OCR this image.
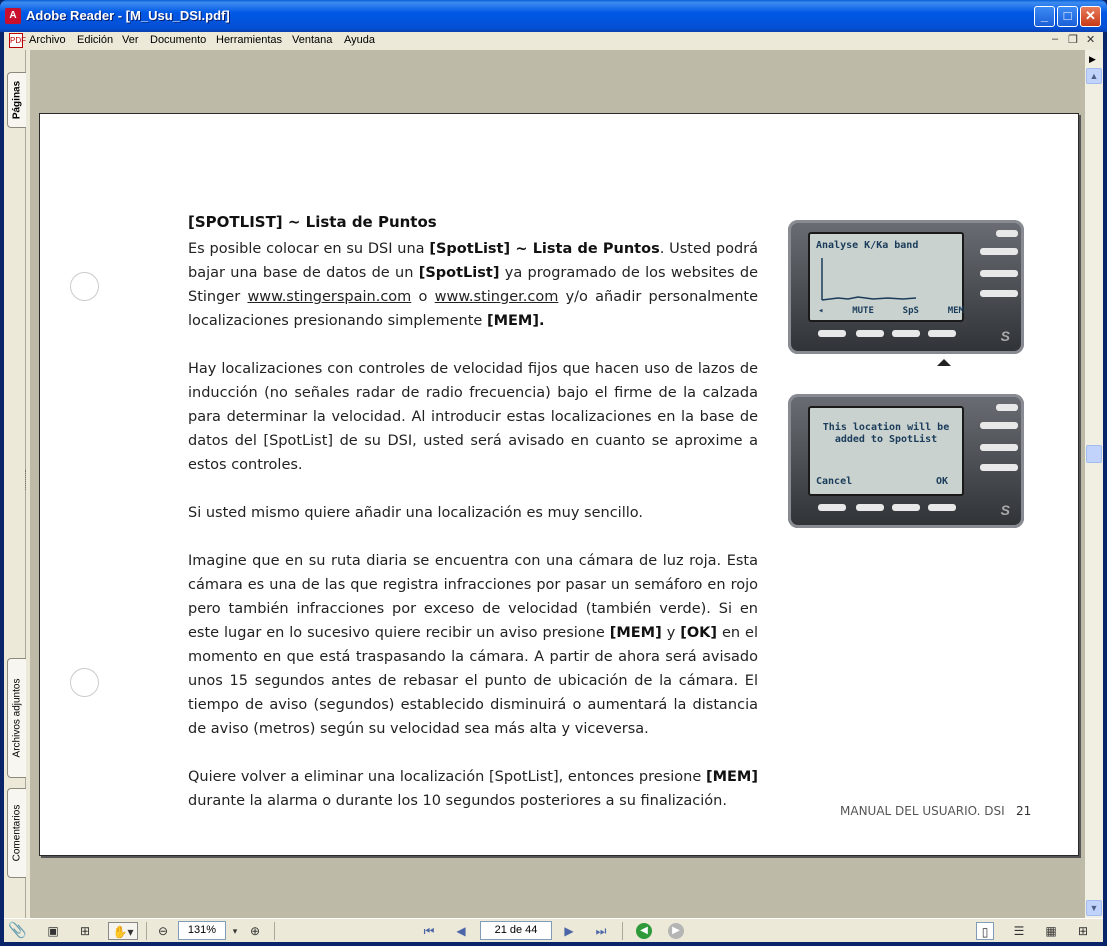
A Adobe Reader - [M_Usu_DSI.pdf]	_	□	✕
PDF Archivo Edición Ver Documento Herramientas Ventana Ayuda	– ❐ ✕
Páginas
Archivos adjuntos
Comentarios
[SPOTLIST] ~ Lista de Puntos

Es posible colocar en su DSI una [SpotList] ~ Lista de Puntos. Usted podrá bajar una base de datos de un [SpotList] ya programado de los websites de Stinger www.stingerspain.com o www.stinger.com y/o añadir personalmente localizaciones presionando simplemente [MEM].

Hay localizaciones con controles de velocidad fijos que hacen uso de lazos de inducción (no señales radar de radio frecuencia) bajo el firme de la calzada para determinar la velocidad. Al introducir estas localizaciones en la base de datos del [SpotList] de su DSI, usted será avisado en cuanto se aproxime a estos controles.

Si usted mismo quiere añadir una localización es muy sencillo.

Imagine que en su ruta diaria se encuentra con una cámara de luz roja. Esta cámara es una de las que registra infracciones por pasar un semáforo en rojo pero también infracciones por exceso de velocidad (también verde). Si en este lugar en lo sucesivo quiere recibir un aviso presione [MEM] y [OK] en el momento en que está traspasando la cámara. A partir de ahora será avisado unos 15 segundos antes de rebasar el punto de ubicación de la cámara. El tiempo de aviso (segundos) establecido disminuirá o aumentará la distancia de aviso (metros) según su velocidad sea más alta y viceversa.

Quiere volver a eliminar una localización [SpotList], entonces presione [MEM] durante la alarma o durante los 10 segundos posteriores a su finalización.

Analyse K/Ka band
◂	MUTE	SpS	MEM
S
This location will be
added to SpotList
Cancel	OK
S
MANUAL DEL USUARIO. DSI 21
▶
▲
▼
📎 ▣	⊞	✋▾	⊖	131%	▾	⊕	⏮	◀	21 de 44	▶	⏭	◀	▶	▯	☰	▦	⊞
